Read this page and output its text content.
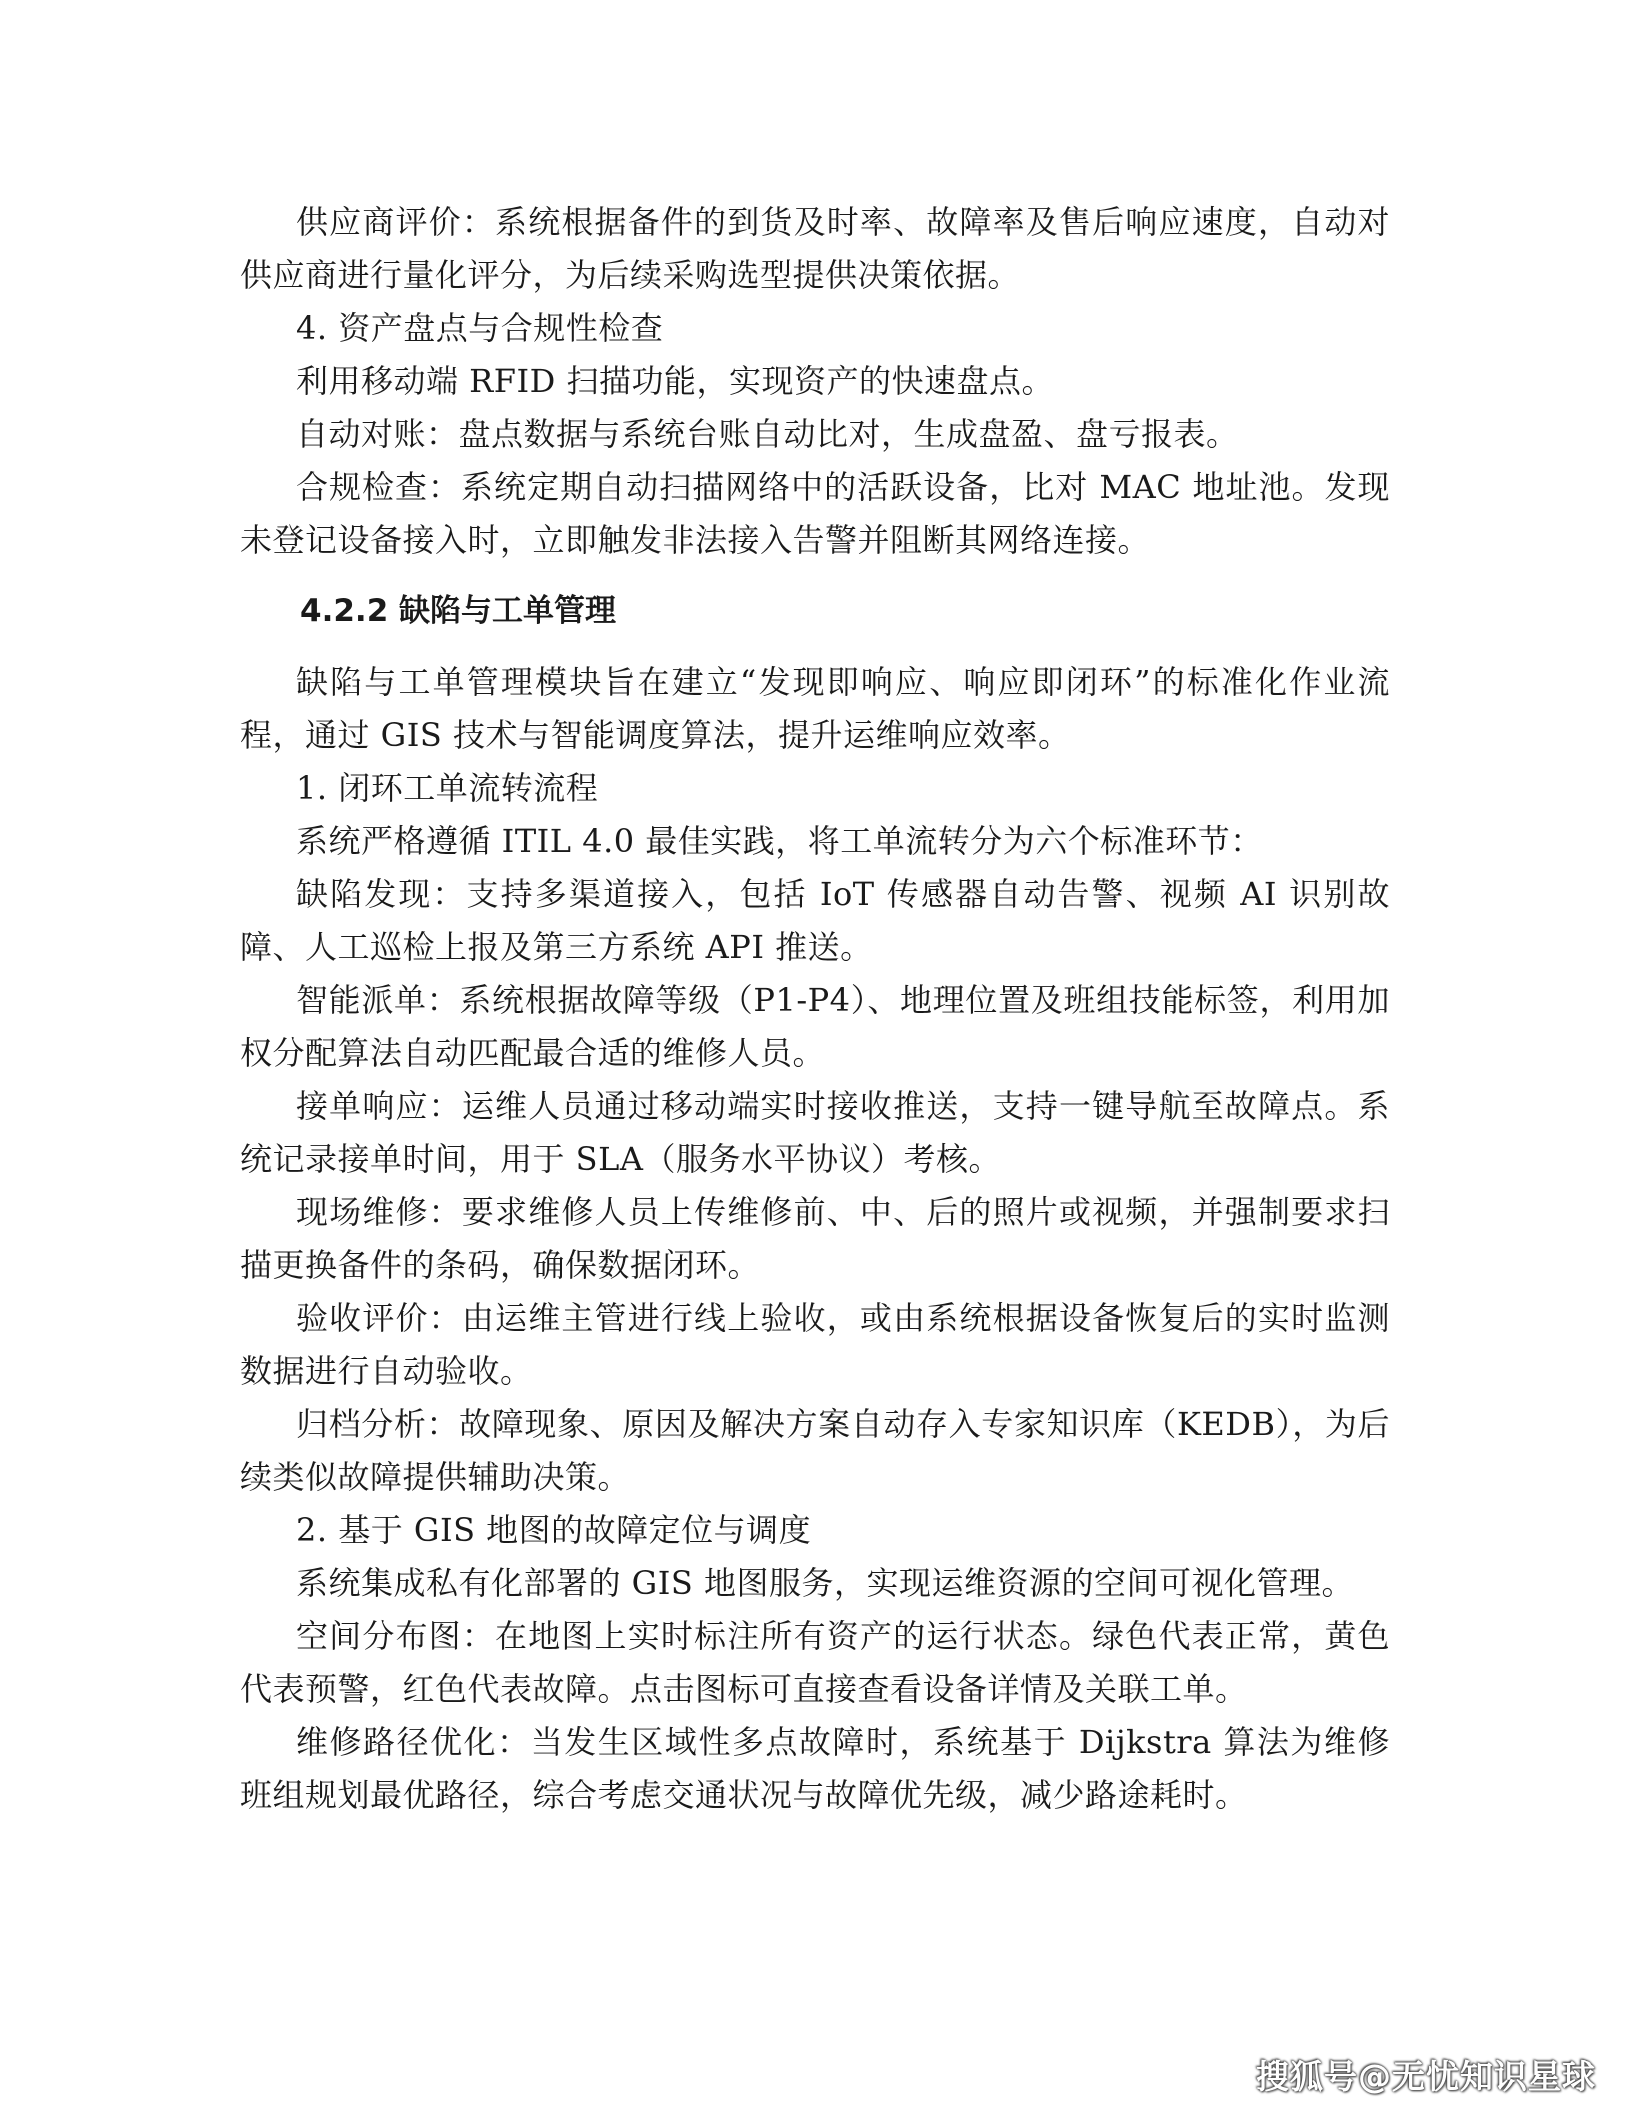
供应商评价：系统根据备件的到货及时率、故障率及售后响应速度，自动对供应商进行量化评分，为后续采购选型提供决策依据。

4. 资产盘点与合规性检查

利用移动端 RFID 扫描功能，实现资产的快速盘点。

自动对账：盘点数据与系统台账自动比对，生成盘盈、盘亏报表。

合规检查：系统定期自动扫描网络中的活跃设备，比对 MAC 地址池。发现未登记设备接入时，立即触发非法接入告警并阻断其网络连接。

4.2.2 缺陷与工单管理

缺陷与工单管理模块旨在建立“发现即响应、响应即闭环”的标准化作业流程，通过 GIS 技术与智能调度算法，提升运维响应效率。

1. 闭环工单流转流程

系统严格遵循 ITIL 4.0 最佳实践，将工单流转分为六个标准环节：

缺陷发现：支持多渠道接入，包括 IoT 传感器自动告警、视频 AI 识别故障、人工巡检上报及第三方系统 API 推送。

智能派单：系统根据故障等级（P1-P4）、地理位置及班组技能标签，利用加权分配算法自动匹配最合适的维修人员。

接单响应：运维人员通过移动端实时接收推送，支持一键导航至故障点。系统记录接单时间，用于 SLA（服务水平协议）考核。

现场维修：要求维修人员上传维修前、中、后的照片或视频，并强制要求扫描更换备件的条码，确保数据闭环。

验收评价：由运维主管进行线上验收，或由系统根据设备恢复后的实时监测数据进行自动验收。

归档分析：故障现象、原因及解决方案自动存入专家知识库（KEDB），为后续类似故障提供辅助决策。

2. 基于 GIS 地图的故障定位与调度

系统集成私有化部署的 GIS 地图服务，实现运维资源的空间可视化管理。

空间分布图：在地图上实时标注所有资产的运行状态。绿色代表正常，黄色代表预警，红色代表故障。点击图标可直接查看设备详情及关联工单。

维修路径优化：当发生区域性多点故障时，系统基于 Dijkstra 算法为维修班组规划最优路径，综合考虑交通状况与故障优先级，减少路途耗时。

搜狐号@无忧知识星球
